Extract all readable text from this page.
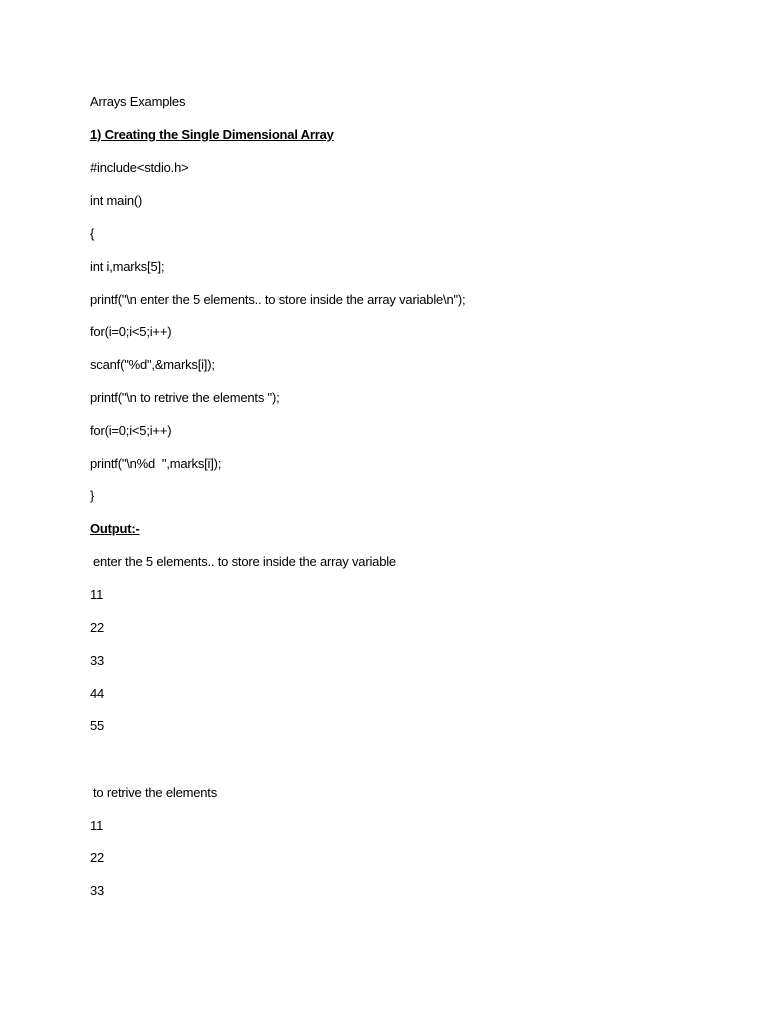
Arrays Examples
1) Creating the Single Dimensional Array
#include<stdio.h>
int main()
{
int i,marks[5];
printf("\n enter the 5 elements.. to store inside the array variable\n");
for(i=0;i<5;i++)
scanf("%d",&marks[i]);
printf("\n to retrive the elements ");
for(i=0;i<5;i++)
printf("\n%d  ",marks[i]);
}
Output:-
enter the 5 elements.. to store inside the array variable
11
22
33
44
55
to retrive the elements
11
22
33
